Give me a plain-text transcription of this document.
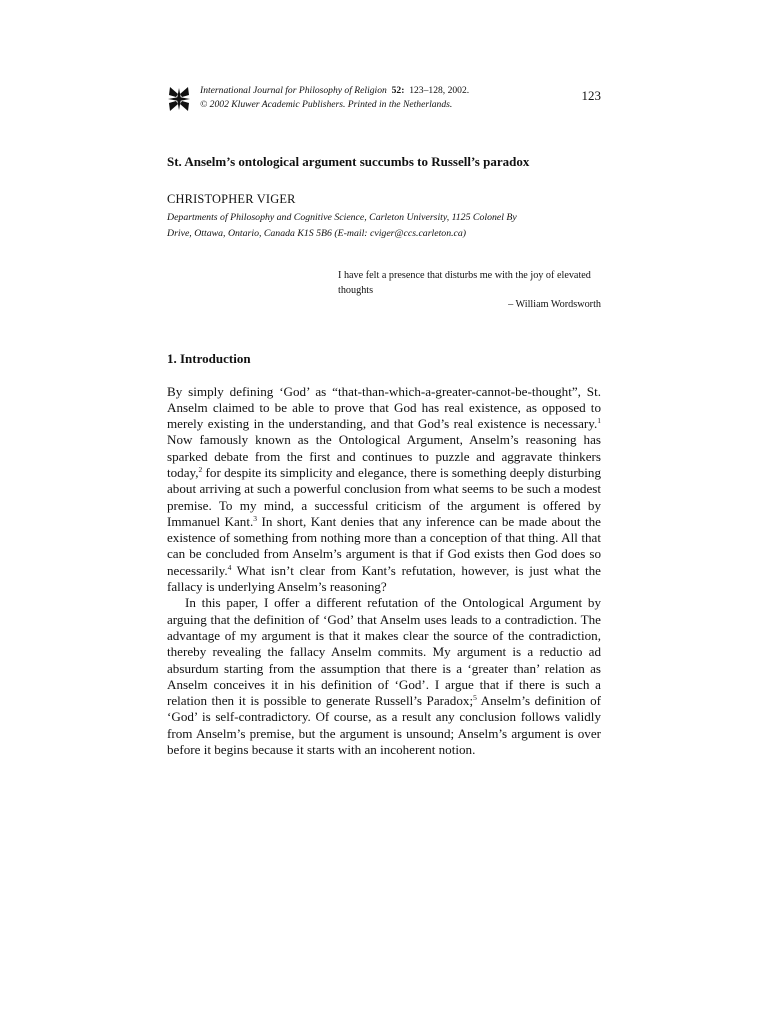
International Journal for Philosophy of Religion 52: 123–128, 2002.
© 2002 Kluwer Academic Publishers. Printed in the Netherlands.
123
St. Anselm’s ontological argument succumbs to Russell’s paradox
CHRISTOPHER VIGER
Departments of Philosophy and Cognitive Science, Carleton University, 1125 Colonel By
Drive, Ottawa, Ontario, Canada K1S 5B6 (E-mail: cviger@ccs.carleton.ca)
I have felt a presence that disturbs me with the joy of elevated thoughts
– William Wordsworth
1. Introduction

By simply defining ‘God’ as “that-than-which-a-greater-cannot-be-thought”, St. Anselm claimed to be able to prove that God has real existence, as opposed to merely existing in the understanding, and that God’s real existence is necessary.$^1$ Now famously known as the Ontological Argument, Anselm’s reasoning has sparked debate from the first and continues to puzzle and aggravate thinkers today,$^2$ for despite its simplicity and elegance, there is something deeply disturbing about arriving at such a powerful conclusion from what seems to be such a modest premise. To my mind, a successful criticism of the argument is offered by Immanuel Kant.$^3$ In short, Kant denies that any inference can be made about the existence of something from nothing more than a conception of that thing. All that can be concluded from Anselm’s argument is that if God exists then God does so necessarily.$^4$ What isn’t clear from Kant’s refutation, however, is just what the fallacy is underlying Anselm’s reasoning?

In this paper, I offer a different refutation of the Ontological Argument by arguing that the definition of ‘God’ that Anselm uses leads to a contradiction. The advantage of my argument is that it makes clear the source of the contradiction, thereby revealing the fallacy Anselm commits. My argument is a reductio ad absurdum starting from the assumption that there is a ‘greater than’ relation as Anselm conceives it in his definition of ‘God’. I argue that if there is such a relation then it is possible to generate Russell’s Paradox;$^5$ Anselm’s definition of ‘God’ is self-contradictory. Of course, as a result any conclusion follows validly from Anselm’s premise, but the argument is unsound; Anselm’s argument is over before it begins because it starts with an incoherent notion.
